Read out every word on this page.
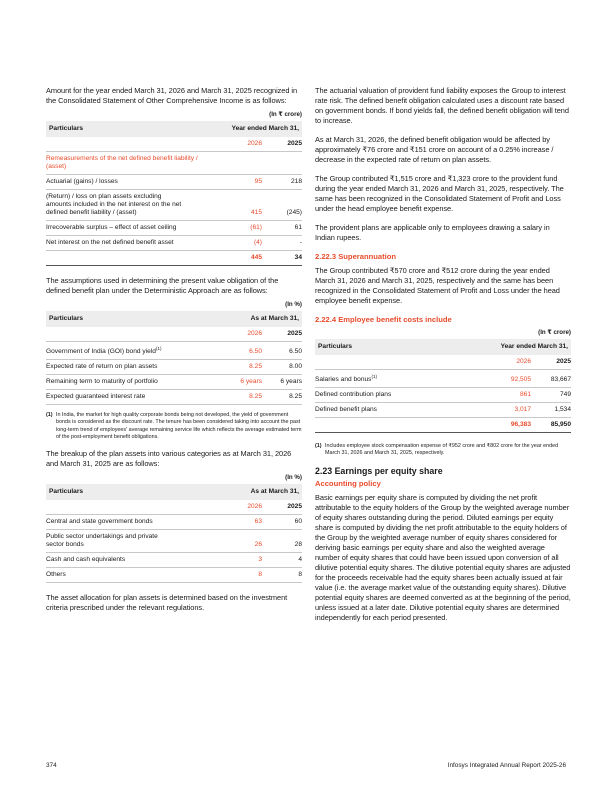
Amount for the year ended March 31, 2026 and March 31, 2025 recognized in the Consolidated Statement of Other Comprehensive Income is as follows:

(In ₹ crore)
Particulars	Year ended March 31,	
	2026	2025
Remeasurements of the net defined benefit liability / (asset)		
Actuarial (gains) / losses	95	218
(Return) / loss on plan assets excluding amounts included in the net interest on the net defined benefit liability / (asset)	415	(245)
Irrecoverable surplus – effect of asset ceiling	(61)	61
Net interest on the net defined benefit asset	(4)	-
	445	34

The assumptions used in determining the present value obligation of the defined benefit plan under the Deterministic Approach are as follows:

(In %)
Particulars	As at March 31,	
	2026	2025
Government of India (GOI) bond yield$^{(1)}$	6.50	6.50
Expected rate of return on plan assets	8.25	8.00
Remaining term to maturity of portfolio	6 years	6 years
Expected guaranteed interest rate	8.25	8.25
(1) In India, the market for high quality corporate bonds being not developed, the yield of government bonds is considered as the discount rate. The tenure has been considered taking into account the past long-term trend of employees' average remaining service life which reflects the average estimated term of the post-employment benefit obligations.

The breakup of the plan assets into various categories as at March 31, 2026 and March 31, 2025 are as follows:

(In %)
Particulars	As at March 31,	
	2026	2025
Central and state government bonds	63	60
Public sector undertakings and private sector bonds	26	28
Cash and cash equivalents	3	4
Others	8	8

The asset allocation for plan assets is determined based on the investment criteria prescribed under the relevant regulations.

The actuarial valuation of provident fund liability exposes the Group to interest rate risk. The defined benefit obligation calculated uses a discount rate based on government bonds. If bond yields fall, the defined benefit obligation will tend to increase.

As at March 31, 2026, the defined benefit obligation would be affected by approximately ₹76 crore and ₹151 crore on account of a 0.25% increase / decrease in the expected rate of return on plan assets.

The Group contributed ₹1,515 crore and ₹1,323 crore to the provident fund during the year ended March 31, 2026 and March 31, 2025, respectively. The same has been recognized in the Consolidated Statement of Profit and Loss under the head employee benefit expense.

The provident plans are applicable only to employees drawing a salary in Indian rupees.

2.22.3 Superannuation

The Group contributed ₹570 crore and ₹512 crore during the year ended March 31, 2026 and March 31, 2025, respectively and the same has been recognized in the Consolidated Statement of Profit and Loss under the head employee benefit expense.

2.22.4 Employee benefit costs include
(In ₹ crore)
Particulars	Year ended March 31,	
	2026	2025
Salaries and bonus$^{(1)}$	92,505	83,667
Defined contribution plans	861	749
Defined benefit plans	3,017	1,534
	96,383	85,950
(1) Includes employee stock compensation expense of ₹952 crore and ₹802 crore for the year ended March 31, 2026 and March 31, 2025, respectively.
2.23 Earnings per equity share
Accounting policy

Basic earnings per equity share is computed by dividing the net profit attributable to the equity holders of the Group by the weighted average number of equity shares outstanding during the period. Diluted earnings per equity share is computed by dividing the net profit attributable to the equity holders of the Group by the weighted average number of equity shares considered for deriving basic earnings per equity share and also the weighted average number of equity shares that could have been issued upon conversion of all dilutive potential equity shares. The dilutive potential equity shares are adjusted for the proceeds receivable had the equity shares been actually issued at fair value (i.e. the average market value of the outstanding equity shares). Dilutive potential equity shares are deemed converted as at the beginning of the period, unless issued at a later date. Dilutive potential equity shares are determined independently for each period presented.

374	Infosys Integrated Annual Report 2025-26
